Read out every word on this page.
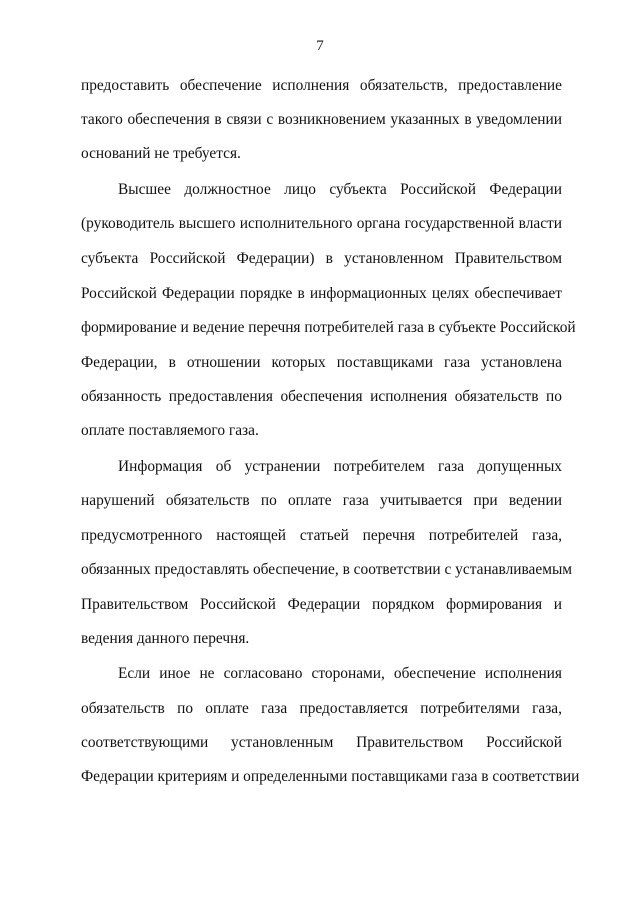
7
предоставить обеспечение исполнения обязательств, предоставление
такого обеспечения в связи с возникновением указанных в уведомлении
оснований не требуется.
Высшее должностное лицо субъекта Российской Федерации
(руководитель высшего исполнительного органа государственной власти
субъекта Российской Федерации) в установленном Правительством
Российской Федерации порядке в информационных целях обеспечивает
формирование и ведение перечня потребителей газа в субъекте Российской
Федерации, в отношении которых поставщиками газа установлена
обязанность предоставления обеспечения исполнения обязательств по
оплате поставляемого газа.
Информация об устранении потребителем газа допущенных
нарушений обязательств по оплате газа учитывается при ведении
предусмотренного настоящей статьей перечня потребителей газа,
обязанных предоставлять обеспечение, в соответствии с устанавливаемым
Правительством Российской Федерации порядком формирования и
ведения данного перечня.
Если иное не согласовано сторонами, обеспечение исполнения
обязательств по оплате газа предоставляется потребителями газа,
соответствующими установленным Правительством Российской
Федерации критериям и определенными поставщиками газа в соответствии
